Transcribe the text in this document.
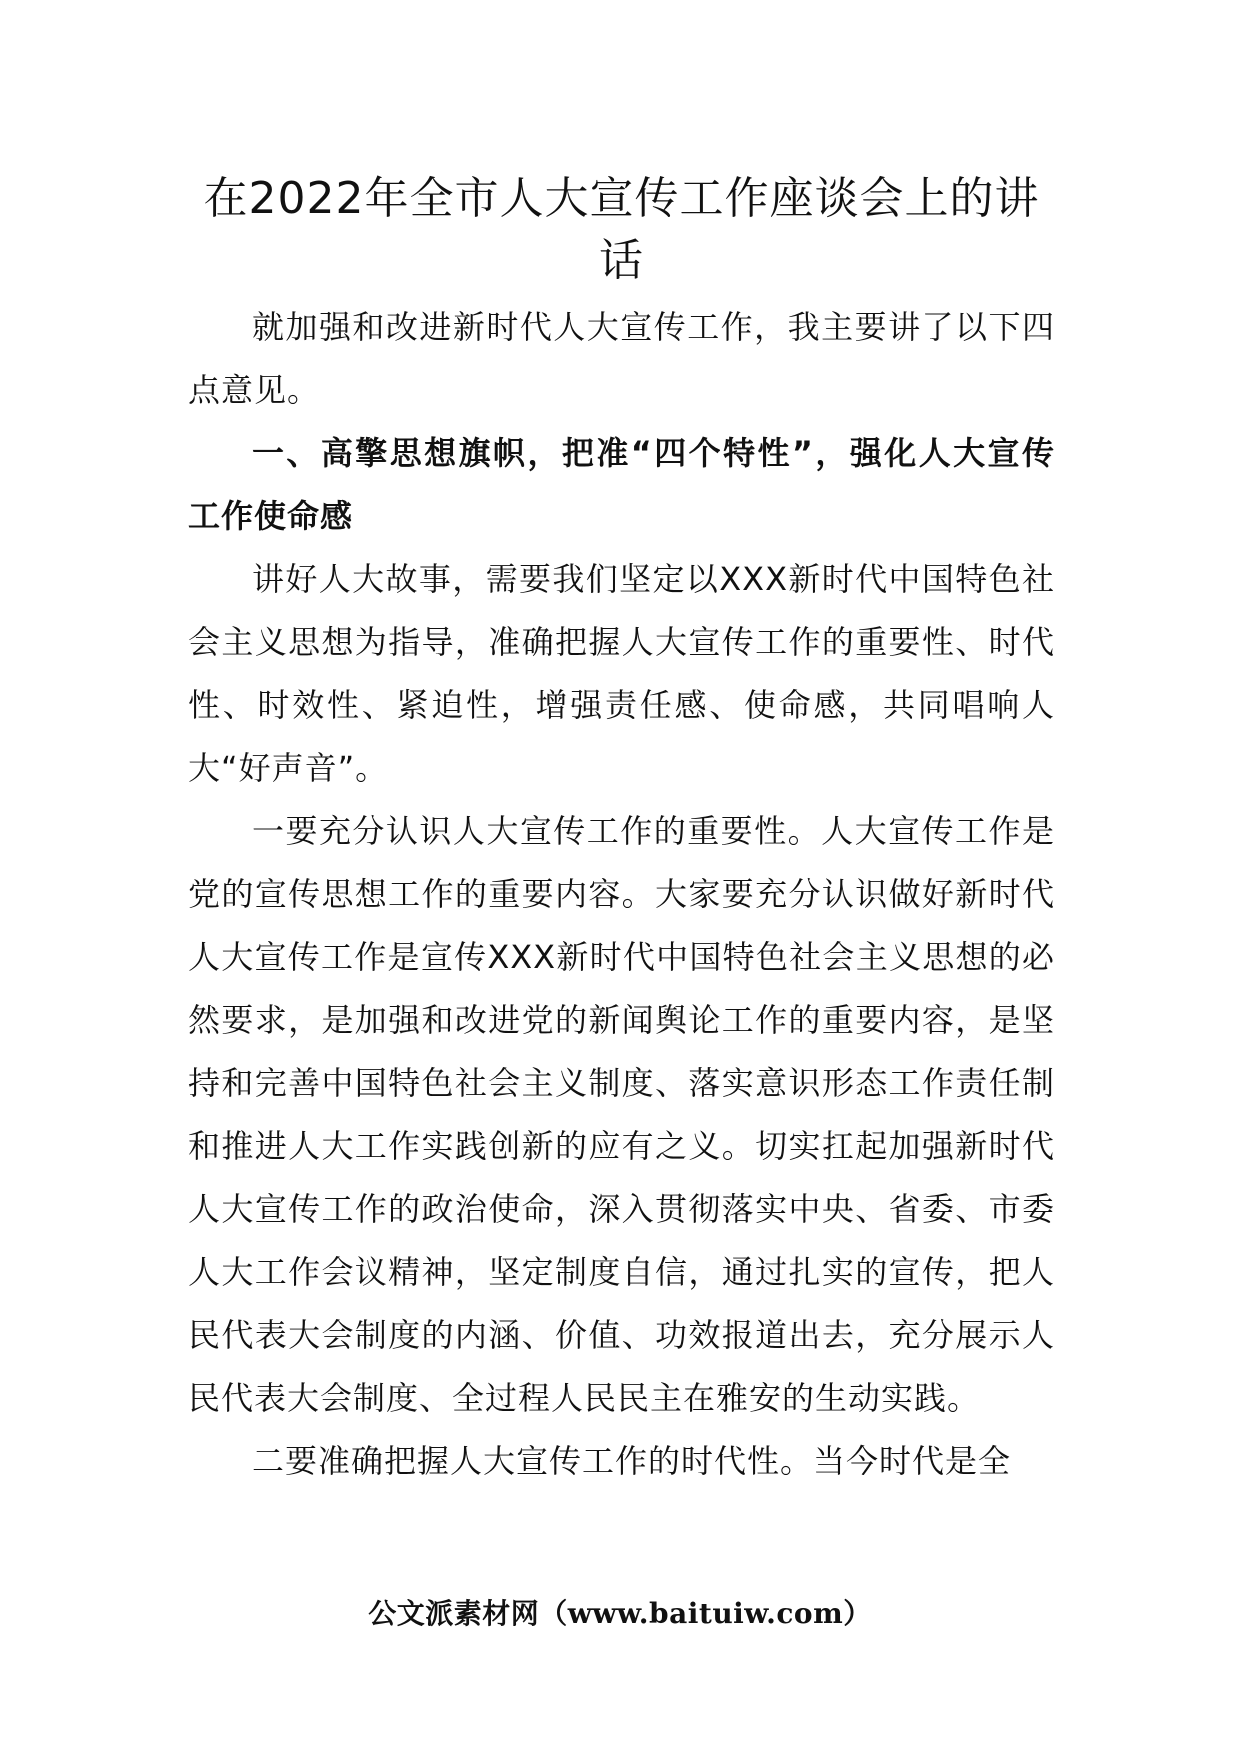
在2022年全市人大宣传工作座谈会上的讲话

就加强和改进新时代人大宣传工作，我主要讲了以下四点意见。

一、高擎思想旗帜，把准“四个特性”，强化人大宣传工作使命感

讲好人大故事，需要我们坚定以XXX新时代中国特色社会主义思想为指导，准确把握人大宣传工作的重要性、时代性、时效性、紧迫性，增强责任感、使命感，共同唱响人大“好声音”。

一要充分认识人大宣传工作的重要性。人大宣传工作是党的宣传思想工作的重要内容。大家要充分认识做好新时代人大宣传工作是宣传XXX新时代中国特色社会主义思想的必然要求，是加强和改进党的新闻舆论工作的重要内容，是坚持和完善中国特色社会主义制度、落实意识形态工作责任制和推进人大工作实践创新的应有之义。切实扛起加强新时代人大宣传工作的政治使命，深入贯彻落实中央、省委、市委人大工作会议精神，坚定制度自信，通过扎实的宣传，把人民代表大会制度的内涵、价值、功效报道出去，充分展示人民代表大会制度、全过程人民民主在雅安的生动实践。

二要准确把握人大宣传工作的时代性。当今时代是全

公文派素材网（www.baituiw.com）
